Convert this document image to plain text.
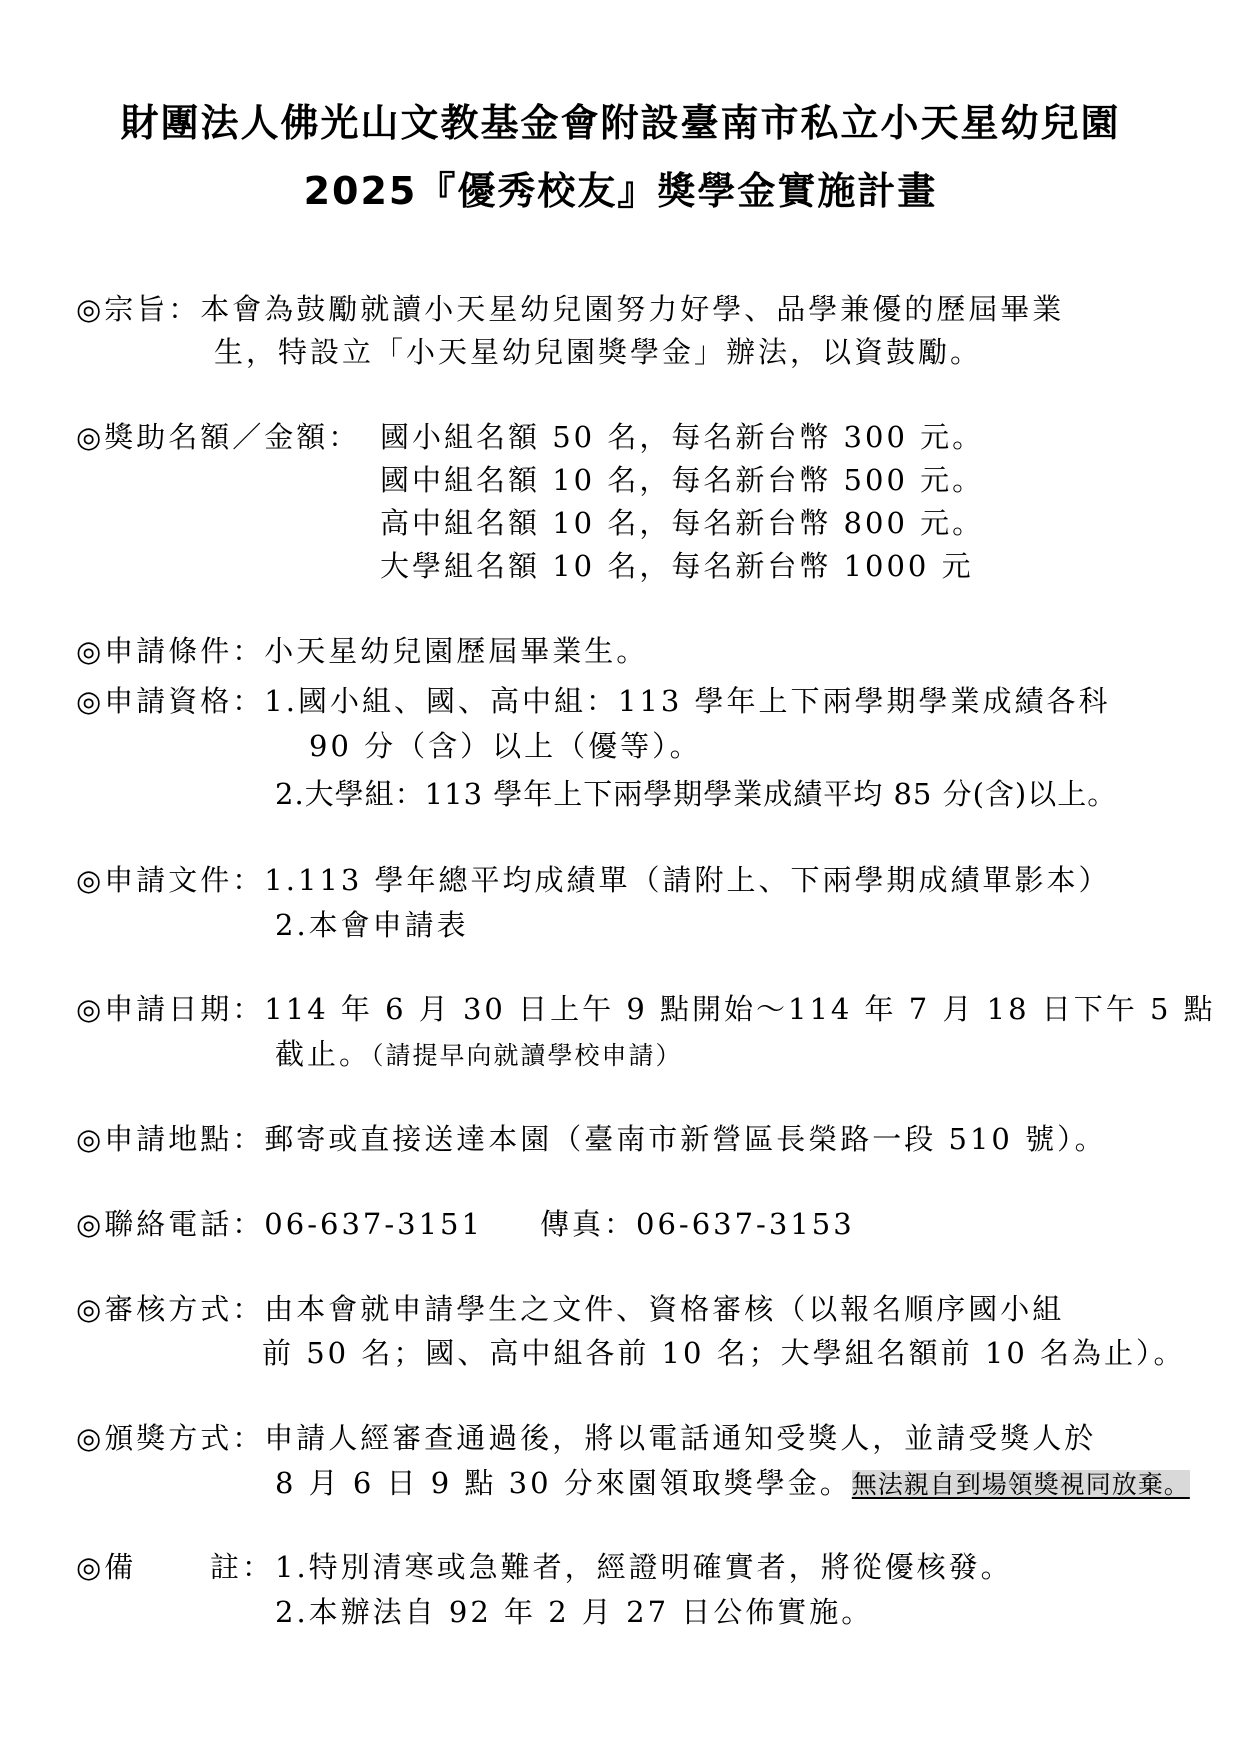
財團法人佛光山文教基金會附設臺南市私立小天星幼兒園
2025『優秀校友』獎學金實施計畫
◎宗旨：本會為鼓勵就讀小天星幼兒園努力好學、品學兼優的歷屆畢業
生，特設立「小天星幼兒園獎學金」辦法，以資鼓勵。
◎獎助名額／金額： 國小組名額 50 名，每名新台幣 300 元。
國中組名額 10 名，每名新台幣 500 元。
高中組名額 10 名，每名新台幣 800 元。
大學組名額 10 名，每名新台幣 1000 元
◎申請條件：小天星幼兒園歷屆畢業生。
◎申請資格：1.國小組、國、高中組：113 學年上下兩學期學業成績各科
90 分（含）以上（優等）。
2.大學組：113 學年上下兩學期學業成績平均 85 分(含)以上。
◎申請文件：1.113 學年總平均成績單（請附上、下兩學期成績單影本）
2.本會申請表
◎申請日期：114 年 6 月 30 日上午 9 點開始～114 年 7 月 18 日下午 5 點
截止。（請提早向就讀學校申請）
◎申請地點：郵寄或直接送達本園（臺南市新營區長榮路一段 510 號）。
◎聯絡電話：06-637-3151 傳真：06-637-3153
◎審核方式：由本會就申請學生之文件、資格審核（以報名順序國小組
前 50 名；國、高中組各前 10 名；大學組名額前 10 名為止）。
◎頒獎方式：申請人經審查通過後，將以電話通知受獎人，並請受獎人於
8 月 6 日 9 點 30 分來園領取獎學金。無法親自到場領獎視同放棄。
◎備	註： 1.特別清寒或急難者，經證明確實者，將從優核發。
2.本辦法自 92 年 2 月 27 日公佈實施。
